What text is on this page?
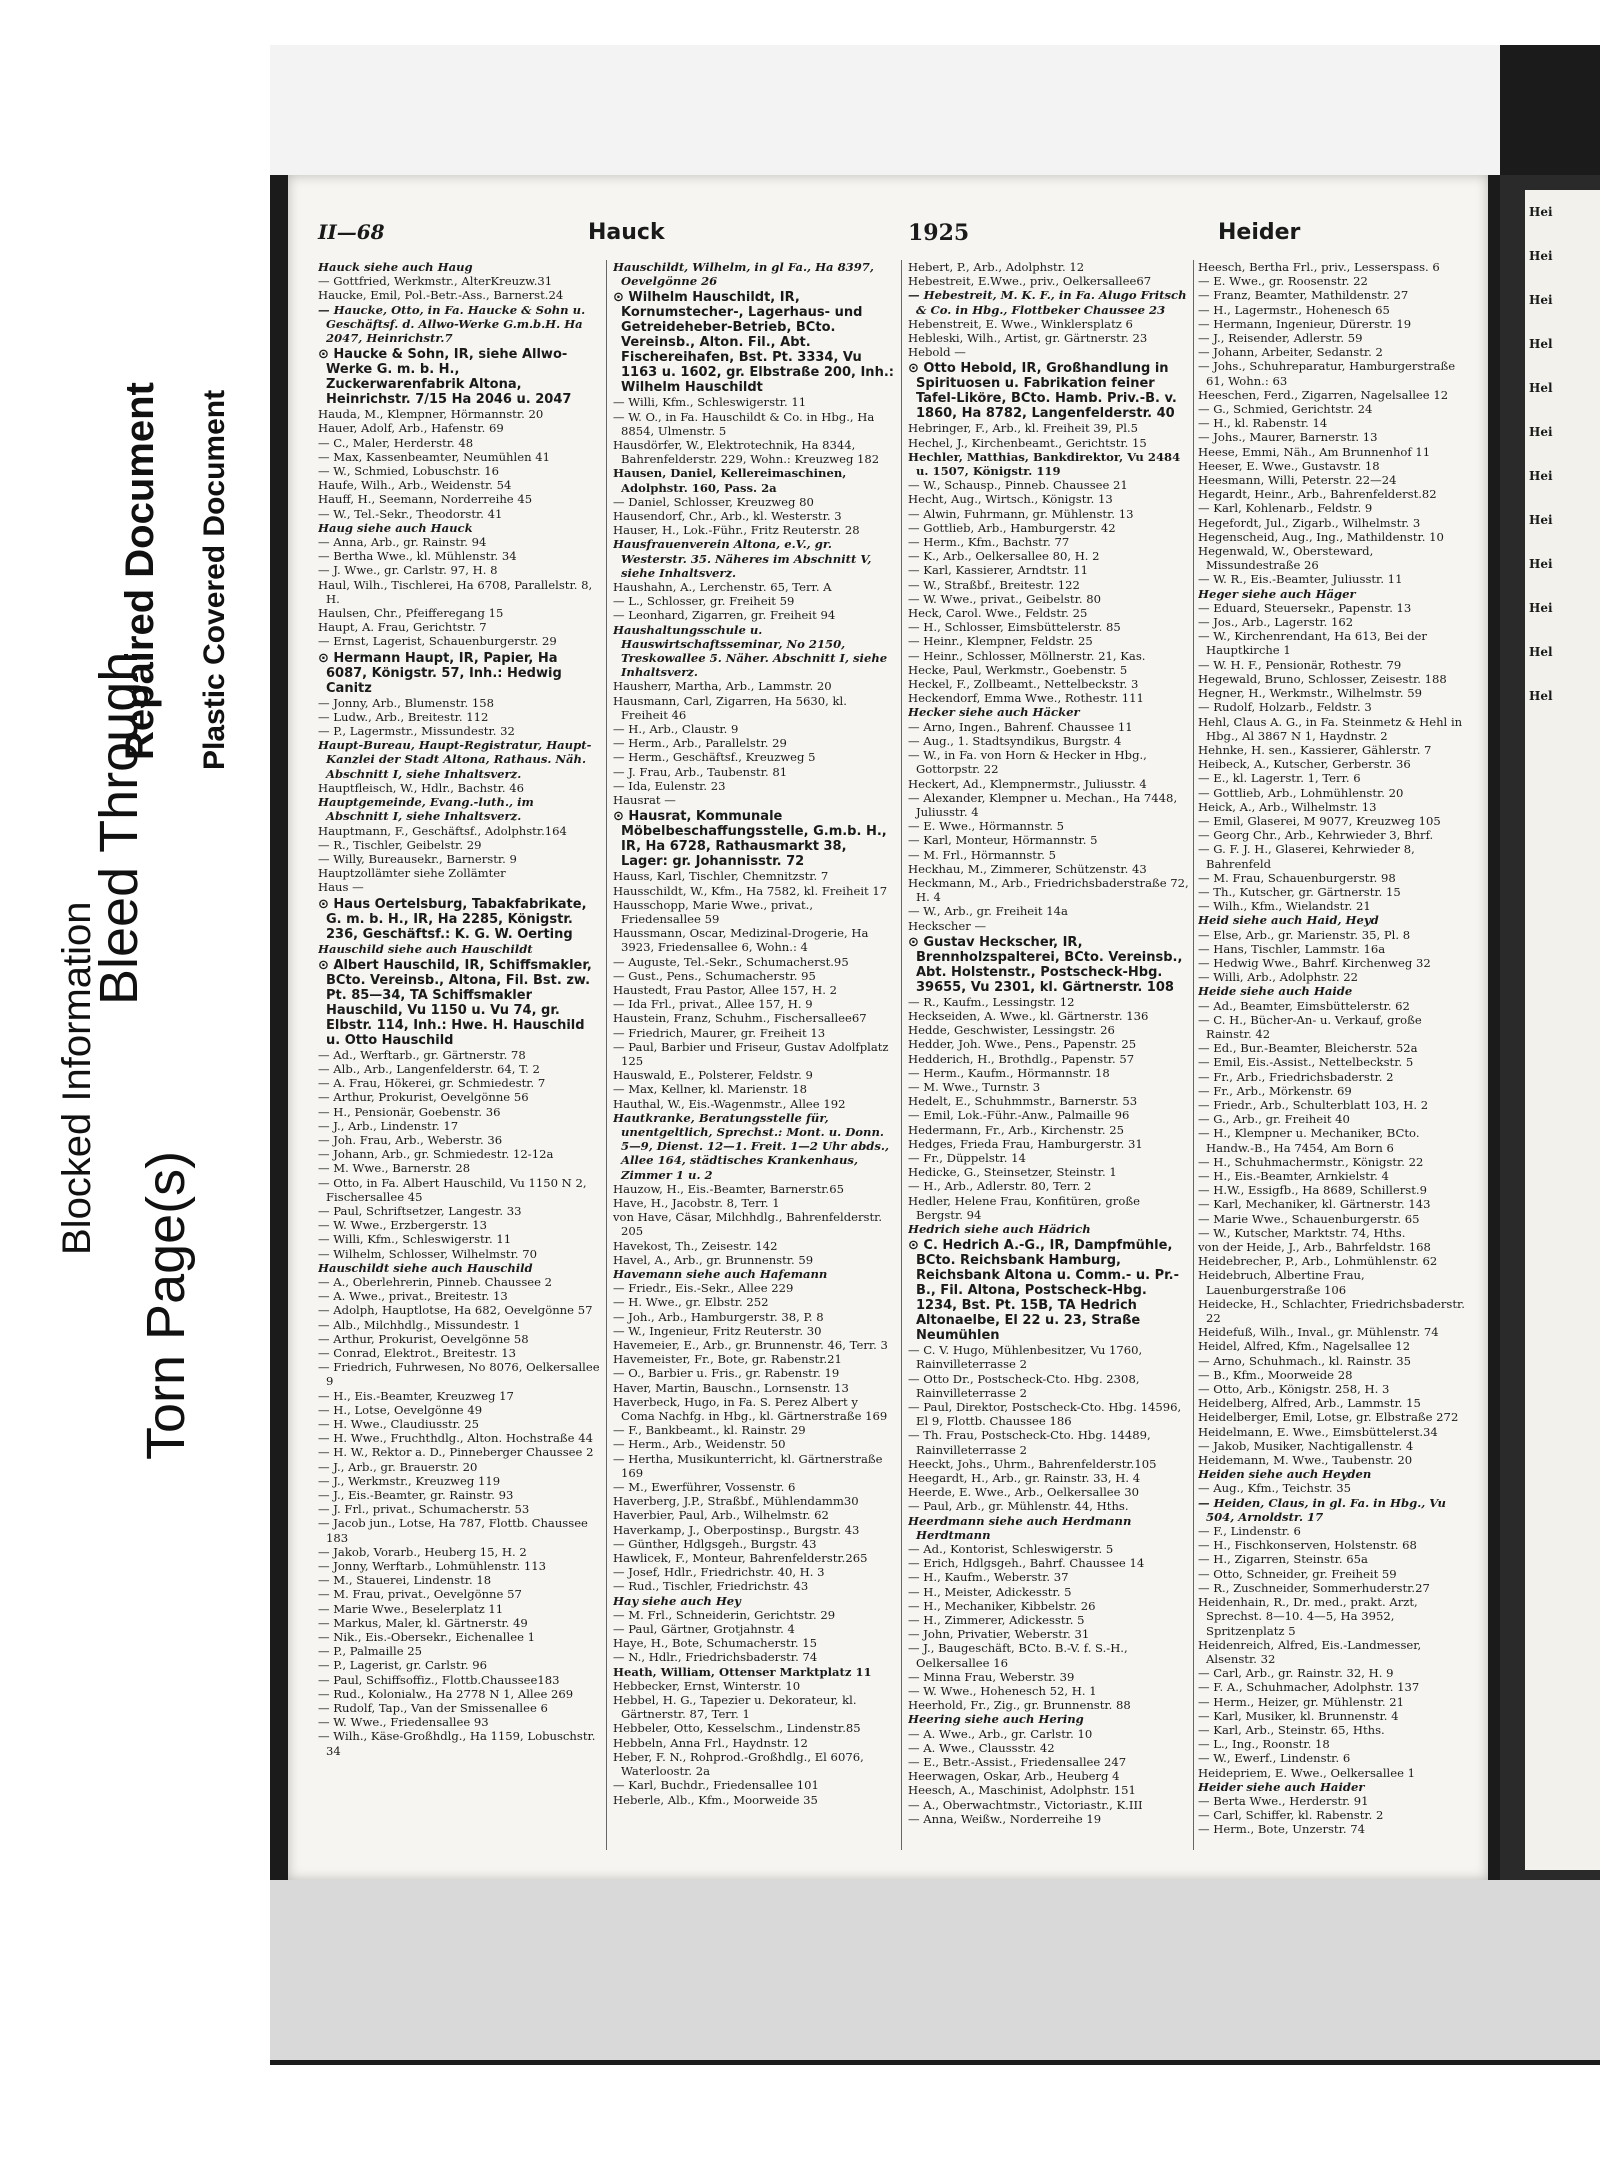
Blocked Information
Bleed Through
Repaired Document
Torn Page(s)
Plastic Covered Document
Hei
Hei
Hei
Hel
Hel
Hei
Hei
Hei
Hei
Hei
Hel
Hel
II—68	Hauck	1925	Heider

Hauck siehe auch Haug

— Gottfried, Werkmstr., AlterKreuzw.31

Haucke, Emil, Pol.-Betr.-Ass., Barnerst.24

— Haucke, Otto, in Fa. Haucke & Sohn u. Geschäftsf. d. Allwo-Werke G.m.b.H. Ha 2047, Heinrichstr.7

⊙ Haucke & Sohn, IR, siehe Allwo-Werke G. m. b. H., Zuckerwarenfabrik Altona, Heinrichstr. 7/15 Ha 2046 u. 2047

Hauda, M., Klempner, Hörmannstr. 20

Hauer, Adolf, Arb., Hafenstr. 69

— C., Maler, Herderstr. 48

— Max, Kassenbeamter, Neumühlen 41

— W., Schmied, Lobuschstr. 16

Haufe, Wilh., Arb., Weidenstr. 54

Hauff, H., Seemann, Norderreihe 45

— W., Tel.-Sekr., Theodorstr. 41

Haug siehe auch Hauck

— Anna, Arb., gr. Rainstr. 94

— Bertha Wwe., kl. Mühlenstr. 34

— J. Wwe., gr. Carlstr. 97, H. 8

Haul, Wilh., Tischlerei, Ha 6708, Parallelstr. 8, H.

Haulsen, Chr., Pfeifferegang 15

Haupt, A. Frau, Gerichtstr. 7

— Ernst, Lagerist, Schauenburgerstr. 29

⊙ Hermann Haupt, IR, Papier, Ha 6087, Königstr. 57, Inh.: Hedwig Canitz

— Jonny, Arb., Blumenstr. 158

— Ludw., Arb., Breitestr. 112

— P., Lagermstr., Missundestr. 32

Haupt-Bureau, Haupt-Registratur, Haupt-Kanzlei der Stadt Altona, Rathaus. Näh. Abschnitt I, siehe Inhaltsverz.

Hauptfleisch, W., Hdlr., Bachstr. 46

Hauptgemeinde, Evang.-luth., im Abschnitt I, siehe Inhaltsverz.

Hauptmann, F., Geschäftsf., Adolphstr.164

— R., Tischler, Geibelstr. 29

— Willy, Bureausekr., Barnerstr. 9

Hauptzollämter siehe Zollämter

Haus —

⊙ Haus Oertelsburg, Tabakfabrikate, G. m. b. H., IR, Ha 2285, Königstr. 236, Geschäftsf.: K. G. W. Oerting

Hauschild siehe auch Hauschildt

⊙ Albert Hauschild, IR, Schiffsmakler, BCto. Vereinsb., Altona, Fil. Bst. zw. Pt. 85—34, TA Schiffsmakler Hauschild, Vu 1150 u. Vu 74, gr. Elbstr. 114, Inh.: Hwe. H. Hauschild u. Otto Hauschild

— Ad., Werftarb., gr. Gärtnerstr. 78

— Alb., Arb., Langenfelderstr. 64, T. 2

— A. Frau, Hökerei, gr. Schmiedestr. 7

— Arthur, Prokurist, Oevelgönne 56

— H., Pensionär, Goebenstr. 36

— J., Arb., Lindenstr. 17

— Joh. Frau, Arb., Weberstr. 36

— Johann, Arb., gr. Schmiedestr. 12-12a

— M. Wwe., Barnerstr. 28

— Otto, in Fa. Albert Hauschild, Vu 1150 N 2, Fischersallee 45

— Paul, Schriftsetzer, Langestr. 33

— W. Wwe., Erzbergerstr. 13

— Willi, Kfm., Schleswigerstr. 11

— Wilhelm, Schlosser, Wilhelmstr. 70

Hauschildt siehe auch Hauschild

— A., Oberlehrerin, Pinneb. Chaussee 2

— A. Wwe., privat., Breitestr. 13

— Adolph, Hauptlotse, Ha 682, Oevelgönne 57

— Alb., Milchhdlg., Missundestr. 1

— Arthur, Prokurist, Oevelgönne 58

— Conrad, Elektrot., Breitestr. 13

— Friedrich, Fuhrwesen, No 8076, Oelkersallee 9

— H., Eis.-Beamter, Kreuzweg 17

— H., Lotse, Oevelgönne 49

— H. Wwe., Claudiusstr. 25

— H. Wwe., Fruchthdlg., Alton. Hochstraße 44

— H. W., Rektor a. D., Pinneberger Chaussee 2

— J., Arb., gr. Brauerstr. 20

— J., Werkmstr., Kreuzweg 119

— J., Eis.-Beamter, gr. Rainstr. 93

— J. Frl., privat., Schumacherstr. 53

— Jacob jun., Lotse, Ha 787, Flottb. Chaussee 183

— Jakob, Vorarb., Heuberg 15, H. 2

— Jonny, Werftarb., Lohmühlenstr. 113

— M., Stauerei, Lindenstr. 18

— M. Frau, privat., Oevelgönne 57

— Marie Wwe., Beselerplatz 11

— Markus, Maler, kl. Gärtnerstr. 49

— Nik., Eis.-Obersekr., Eichenallee 1

— P., Palmaille 25

— P., Lagerist, gr. Carlstr. 96

— Paul, Schiffsoffiz., Flottb.Chaussee183

— Rud., Kolonialw., Ha 2778 N 1, Allee 269

— Rudolf, Tap., Van der Smissenallee 6

— W. Wwe., Friedensallee 93

— Wilh., Käse-Großhdlg., Ha 1159, Lobuschstr. 34

Hauschildt, Wilhelm, in gl Fa., Ha 8397, Oevelgönne 26

⊙ Wilhelm Hauschildt, IR, Kornumstecher-, Lagerhaus- und Getreideheber-Betrieb, BCto. Vereinsb., Alton. Fil., Abt. Fischereihafen, Bst. Pt. 3334, Vu 1163 u. 1602, gr. Elbstraße 200, Inh.: Wilhelm Hauschildt

— Willi, Kfm., Schleswigerstr. 11

— W. O., in Fa. Hauschildt & Co. in Hbg., Ha 8854, Ulmenstr. 5

Hausdörfer, W., Elektrotechnik, Ha 8344, Bahrenfelderstr. 229, Wohn.: Kreuzweg 182

Hausen, Daniel, Kellereimaschinen, Adolphstr. 160, Pass. 2a

— Daniel, Schlosser, Kreuzweg 80

Hausendorf, Chr., Arb., kl. Westerstr. 3

Hauser, H., Lok.-Führ., Fritz Reuterstr. 28

Hausfrauenverein Altona, e.V., gr. Westerstr. 35. Näheres im Abschnitt V, siehe Inhaltsverz.

Haushahn, A., Lerchenstr. 65, Terr. A

— L., Schlosser, gr. Freiheit 59

— Leonhard, Zigarren, gr. Freiheit 94

Haushaltungsschule u. Hauswirtschaftsseminar, No 2150, Treskowallee 5. Näher. Abschnitt I, siehe Inhaltsverz.

Hausherr, Martha, Arb., Lammstr. 20

Hausmann, Carl, Zigarren, Ha 5630, kl. Freiheit 46

— H., Arb., Claustr. 9

— Herm., Arb., Parallelstr. 29

— Herm., Geschäftsf., Kreuzweg 5

— J. Frau, Arb., Taubenstr. 81

— Ida, Eulenstr. 23

Hausrat —

⊙ Hausrat, Kommunale Möbelbeschaffungsstelle, G.m.b. H., IR, Ha 6728, Rathausmarkt 38, Lager: gr. Johannisstr. 72

Hauss, Karl, Tischler, Chemnitzstr. 7

Hausschildt, W., Kfm., Ha 7582, kl. Freiheit 17

Hausschopp, Marie Wwe., privat., Friedensallee 59

Haussmann, Oscar, Medizinal-Drogerie, Ha 3923, Friedensallee 6, Wohn.: 4

— Auguste, Tel.-Sekr., Schumacherst.95

— Gust., Pens., Schumacherstr. 95

Haustedt, Frau Pastor, Allee 157, H. 2

— Ida Frl., privat., Allee 157, H. 9

Haustein, Franz, Schuhm., Fischersallee67

— Friedrich, Maurer, gr. Freiheit 13

— Paul, Barbier und Friseur, Gustav Adolfplatz 125

Hauswald, E., Polsterer, Feldstr. 9

— Max, Kellner, kl. Marienstr. 18

Hauthal, W., Eis.-Wagenmstr., Allee 192

Hautkranke, Beratungsstelle für, unentgeltlich, Sprechst.: Mont. u. Donn. 5—9, Dienst. 12—1. Freit. 1—2 Uhr abds., Allee 164, städtisches Krankenhaus, Zimmer 1 u. 2

Hauzow, H., Eis.-Beamter, Barnerstr.65

Have, H., Jacobstr. 8, Terr. 1

von Have, Cäsar, Milchhdlg., Bahrenfelderstr. 205

Havekost, Th., Zeisestr. 142

Havel, A., Arb., gr. Brunnenstr. 59

Havemann siehe auch Hafemann

— Friedr., Eis.-Sekr., Allee 229

— H. Wwe., gr. Elbstr. 252

— Joh., Arb., Hamburgerstr. 38, P. 8

— W., Ingenieur, Fritz Reuterstr. 30

Havemeier, E., Arb., gr. Brunnenstr. 46, Terr. 3

Havemeister, Fr., Bote, gr. Rabenstr.21

— O., Barbier u. Fris., gr. Rabenstr. 19

Haver, Martin, Bauschn., Lornsenstr. 13

Haverbeck, Hugo, in Fa. S. Perez Albert y Coma Nachfg. in Hbg., kl. Gärtnerstraße 169

— F., Bankbeamt., kl. Rainstr. 29

— Herm., Arb., Weidenstr. 50

— Hertha, Musikunterricht, kl. Gärtnerstraße 169

— M., Ewerführer, Vossenstr. 6

Haverberg, J.P., Straßbf., Mühlendamm30

Haverbier, Paul, Arb., Wilhelmstr. 62

Haverkamp, J., Oberpostinsp., Burgstr. 43

— Günther, Hdlgsgeh., Burgstr. 43

Hawlicek, F., Monteur, Bahrenfelderstr.265

— Josef, Hdlr., Friedrichstr. 40, H. 3

— Rud., Tischler, Friedrichstr. 43

Hay siehe auch Hey

— M. Frl., Schneiderin, Gerichtstr. 29

— Paul, Gärtner, Grotjahnstr. 4

Haye, H., Bote, Schumacherstr. 15

— N., Hdlr., Friedrichsbaderstr. 74

Heath, William, Ottenser Marktplatz 11

Hebbecker, Ernst, Winterstr. 10

Hebbel, H. G., Tapezier u. Dekorateur, kl. Gärtnerstr. 87, Terr. 1

Hebbeler, Otto, Kesselschm., Lindenstr.85

Hebbeln, Anna Frl., Haydnstr. 12

Heber, F. N., Rohprod.-Großhdlg., El 6076, Waterloostr. 2a

— Karl, Buchdr., Friedensallee 101

Heberle, Alb., Kfm., Moorweide 35

Hebert, P., Arb., Adolphstr. 12

Hebestreit, E.Wwe., priv., Oelkersallee67

— Hebestreit, M. K. F., in Fa. Alugo Fritsch & Co. in Hbg., Flottbeker Chaussee 23

Hebenstreit, E. Wwe., Winklersplatz 6

Hebleski, Wilh., Artist, gr. Gärtnerstr. 23

Hebold —

⊙ Otto Hebold, IR, Großhandlung in Spirituosen u. Fabrikation feiner Tafel-Liköre, BCto. Hamb. Priv.-B. v. 1860, Ha 8782, Langenfelderstr. 40

Hebringer, F., Arb., kl. Freiheit 39, Pl.5

Hechel, J., Kirchenbeamt., Gerichtstr. 15

Hechler, Matthias, Bankdirektor, Vu 2484 u. 1507, Königstr. 119

— W., Schausp., Pinneb. Chaussee 21

Hecht, Aug., Wirtsch., Königstr. 13

— Alwin, Fuhrmann, gr. Mühlenstr. 13

— Gottlieb, Arb., Hamburgerstr. 42

— Herm., Kfm., Bachstr. 77

— K., Arb., Oelkersallee 80, H. 2

— Karl, Kassierer, Arndtstr. 11

— W., Straßbf., Breitestr. 122

— W. Wwe., privat., Geibelstr. 80

Heck, Carol. Wwe., Feldstr. 25

— H., Schlosser, Eimsbüttelerstr. 85

— Heinr., Klempner, Feldstr. 25

— Heinr., Schlosser, Möllnerstr. 21, Kas.

Hecke, Paul, Werkmstr., Goebenstr. 5

Heckel, F., Zollbeamt., Nettelbeckstr. 3

Heckendorf, Emma Wwe., Rothestr. 111

Hecker siehe auch Häcker

— Arno, Ingen., Bahrenf. Chaussee 11

— Aug., 1. Stadtsyndikus, Burgstr. 4

— W., in Fa. von Horn & Hecker in Hbg., Gottorpstr. 22

Heckert, Ad., Klempnermstr., Juliusstr. 4

— Alexander, Klempner u. Mechan., Ha 7448, Juliusstr. 4

— E. Wwe., Hörmannstr. 5

— Karl, Monteur, Hörmannstr. 5

— M. Frl., Hörmannstr. 5

Heckhau, M., Zimmerer, Schützenstr. 43

Heckmann, M., Arb., Friedrichsbaderstraße 72, H. 4

— W., Arb., gr. Freiheit 14a

Heckscher —

⊙ Gustav Heckscher, IR, Brennholzspalterei, BCto. Vereinsb., Abt. Holstenstr., Postscheck-Hbg. 39655, Vu 2301, kl. Gärtnerstr. 108

— R., Kaufm., Lessingstr. 12

Heckseiden, A. Wwe., kl. Gärtnerstr. 136

Hedde, Geschwister, Lessingstr. 26

Hedder, Joh. Wwe., Pens., Papenstr. 25

Hedderich, H., Brothdlg., Papenstr. 57

— Herm., Kaufm., Hörmannstr. 18

— M. Wwe., Turnstr. 3

Hedelt, E., Schuhmmstr., Barnerstr. 53

— Emil, Lok.-Führ.-Anw., Palmaille 96

Hedermann, Fr., Arb., Kirchenstr. 25

Hedges, Frieda Frau, Hamburgerstr. 31

— Fr., Düppelstr. 14

Hedicke, G., Steinsetzer, Steinstr. 1

— H., Arb., Adlerstr. 80, Terr. 2

Hedler, Helene Frau, Konfitüren, große Bergstr. 94

Hedrich siehe auch Hädrich

⊙ C. Hedrich A.-G., IR, Dampfmühle, BCto. Reichsbank Hamburg, Reichsbank Altona u. Comm.- u. Pr.-B., Fil. Altona, Postscheck-Hbg. 1234, Bst. Pt. 15B, TA Hedrich Altonaelbe, El 22 u. 23, Straße Neumühlen

— C. V. Hugo, Mühlenbesitzer, Vu 1760, Rainvilleterrasse 2

— Otto Dr., Postscheck-Cto. Hbg. 2308, Rainvilleterrasse 2

— Paul, Direktor, Postscheck-Cto. Hbg. 14596, El 9, Flottb. Chaussee 186

— Th. Frau, Postscheck-Cto. Hbg. 14489, Rainvilleterrasse 2

Heeckt, Johs., Uhrm., Bahrenfelderstr.105

Heegardt, H., Arb., gr. Rainstr. 33, H. 4

Heerde, E. Wwe., Arb., Oelkersallee 30

— Paul, Arb., gr. Mühlenstr. 44, Hths.

Heerdmann siehe auch Herdmann Herdtmann

— Ad., Kontorist, Schleswigerstr. 5

— Erich, Hdlgsgeh., Bahrf. Chaussee 14

— H., Kaufm., Weberstr. 37

— H., Meister, Adickesstr. 5

— H., Mechaniker, Kibbelstr. 26

— H., Zimmerer, Adickesstr. 5

— John, Privatier, Weberstr. 31

— J., Baugeschäft, BCto. B.-V. f. S.-H., Oelkersallee 16

— Minna Frau, Weberstr. 39

— W. Wwe., Hohenesch 52, H. 1

Heerhold, Fr., Zig., gr. Brunnenstr. 88

Heering siehe auch Hering

— A. Wwe., Arb., gr. Carlstr. 10

— A. Wwe., Claussstr. 42

— E., Betr.-Assist., Friedensallee 247

Heerwagen, Oskar, Arb., Heuberg 4

Heesch, A., Maschinist, Adolphstr. 151

— A., Oberwachtmstr., Victoriastr., K.III

— Anna, Weißw., Norderreihe 19

Heesch, Bertha Frl., priv., Lesserspass. 6

— E. Wwe., gr. Roosenstr. 22

— Franz, Beamter, Mathildenstr. 27

— H., Lagermstr., Hohenesch 65

— Hermann, Ingenieur, Dürerstr. 19

— J., Reisender, Adlerstr. 59

— Johann, Arbeiter, Sedanstr. 2

— Johs., Schuhreparatur, Hamburgerstraße 61, Wohn.: 63

Heeschen, Ferd., Zigarren, Nagelsallee 12

— G., Schmied, Gerichtstr. 24

— H., kl. Rabenstr. 14

— Johs., Maurer, Barnerstr. 13

Heese, Emmi, Näh., Am Brunnenhof 11

Heeser, E. Wwe., Gustavstr. 18

Heesmann, Willi, Peterstr. 22—24

Hegardt, Heinr., Arb., Bahrenfelderst.82

— Karl, Kohlenarb., Feldstr. 9

Hegefordt, Jul., Zigarb., Wilhelmstr. 3

Hegenscheid, Aug., Ing., Mathildenstr. 10

Hegenwald, W., Obersteward, Missundestraße 26

— W. R., Eis.-Beamter, Juliusstr. 11

Heger siehe auch Häger

— Eduard, Steuersekr., Papenstr. 13

— Jos., Arb., Lagerstr. 162

— W., Kirchenrendant, Ha 613, Bei der Hauptkirche 1

— W. H. F., Pensionär, Rothestr. 79

Hegewald, Bruno, Schlosser, Zeisestr. 188

Hegner, H., Werkmstr., Wilhelmstr. 59

— Rudolf, Holzarb., Feldstr. 3

Hehl, Claus A. G., in Fa. Steinmetz & Hehl in Hbg., Al 3867 N 1, Haydnstr. 2

Hehnke, H. sen., Kassierer, Gählerstr. 7

Heibeck, A., Kutscher, Gerberstr. 36

— E., kl. Lagerstr. 1, Terr. 6

— Gottlieb, Arb., Lohmühlenstr. 20

Heick, A., Arb., Wilhelmstr. 13

— Emil, Glaserei, M 9077, Kreuzweg 105

— Georg Chr., Arb., Kehrwieder 3, Bhrf.

— G. F. J. H., Glaserei, Kehrwieder 8, Bahrenfeld

— M. Frau, Schauenburgerstr. 98

— Th., Kutscher, gr. Gärtnerstr. 15

— Wilh., Kfm., Wielandstr. 21

Heid siehe auch Haid, Heyd

— Else, Arb., gr. Marienstr. 35, Pl. 8

— Hans, Tischler, Lammstr. 16a

— Hedwig Wwe., Bahrf. Kirchenweg 32

— Willi, Arb., Adolphstr. 22

Heide siehe auch Haide

— Ad., Beamter, Eimsbüttelerstr. 62

— C. H., Bücher-An- u. Verkauf, große Rainstr. 42

— Ed., Bur.-Beamter, Bleicherstr. 52a

— Emil, Eis.-Assist., Nettelbeckstr. 5

— Fr., Arb., Friedrichsbaderstr. 2

— Fr., Arb., Mörkenstr. 69

— Friedr., Arb., Schulterblatt 103, H. 2

— G., Arb., gr. Freiheit 40

— H., Klempner u. Mechaniker, BCto. Handw.-B., Ha 7454, Am Born 6

— H., Schuhmachermstr., Königstr. 22

— H., Eis.-Beamter, Arnkielstr. 4

— H.W., Essigfb., Ha 8689, Schillerst.9

— Karl, Mechaniker, kl. Gärtnerstr. 143

— Marie Wwe., Schauenburgerstr. 65

— W., Kutscher, Marktstr. 74, Hths.

von der Heide, J., Arb., Bahrfeldstr. 168

Heidebrecher, P., Arb., Lohmühlenstr. 62

Heidebruch, Albertine Frau, Lauenburgerstraße 106

Heidecke, H., Schlachter, Friedrichsbaderstr. 22

Heidefuß, Wilh., Inval., gr. Mühlenstr. 74

Heidel, Alfred, Kfm., Nagelsallee 12

— Arno, Schuhmach., kl. Rainstr. 35

— B., Kfm., Moorweide 28

— Otto, Arb., Königstr. 258, H. 3

Heidelberg, Alfred, Arb., Lammstr. 15

Heidelberger, Emil, Lotse, gr. Elbstraße 272

Heidelmann, E. Wwe., Eimsbüttelerst.34

— Jakob, Musiker, Nachtigallenstr. 4

Heidemann, M. Wwe., Taubenstr. 20

Heiden siehe auch Heyden

— Aug., Kfm., Teichstr. 35

— Heiden, Claus, in gl. Fa. in Hbg., Vu 504, Arnoldstr. 17

— F., Lindenstr. 6

— H., Fischkonserven, Holstenstr. 68

— H., Zigarren, Steinstr. 65a

— Otto, Schneider, gr. Freiheit 59

— R., Zuschneider, Sommerhuderstr.27

Heidenhain, R., Dr. med., prakt. Arzt, Sprechst. 8—10. 4—5, Ha 3952, Spritzenplatz 5

Heidenreich, Alfred, Eis.-Landmesser, Alsenstr. 32

— Carl, Arb., gr. Rainstr. 32, H. 9

— F. A., Schuhmacher, Adolphstr. 137

— Herm., Heizer, gr. Mühlenstr. 21

— Karl, Musiker, kl. Brunnenstr. 4

— Karl, Arb., Steinstr. 65, Hths.

— L., Ing., Roonstr. 18

— W., Ewerf., Lindenstr. 6

Heidepriem, E. Wwe., Oelkersallee 1

Heider siehe auch Haider

— Berta Wwe., Herderstr. 91

— Carl, Schiffer, kl. Rabenstr. 2

— Herm., Bote, Unzerstr. 74
